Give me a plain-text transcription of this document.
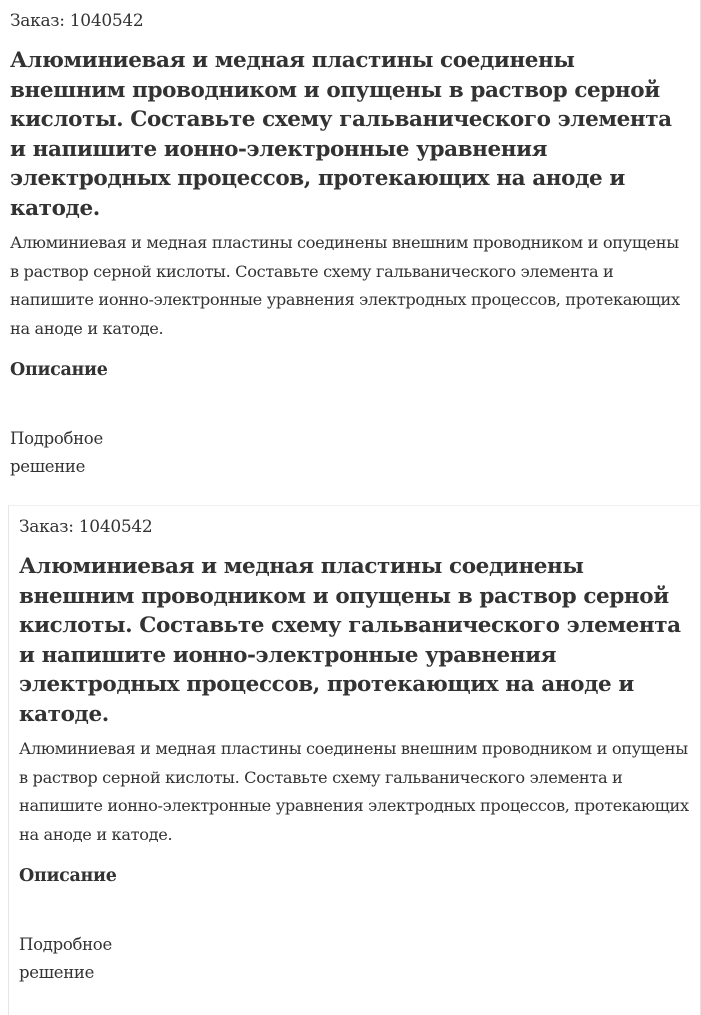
Заказ: 1040542
Алюминиевая и медная пластины соединены внешним проводником и опущены в раствор серной кислоты. Составьте схему гальванического элемента и напишите ионно-электронные уравнения электродных процессов, протекающих на аноде и катоде.
Алюминиевая и медная пластины соединены внешним проводником и опущены в раствор серной кислоты. Составьте схему гальванического элемента и напишите ионно-электронные уравнения электродных процессов, протекающих на аноде и катоде.
Описание
Подробное решение
Заказ: 1040542
Алюминиевая и медная пластины соединены внешним проводником и опущены в раствор серной кислоты. Составьте схему гальванического элемента и напишите ионно-электронные уравнения электродных процессов, протекающих на аноде и катоде.
Алюминиевая и медная пластины соединены внешним проводником и опущены в раствор серной кислоты. Составьте схему гальванического элемента и напишите ионно-электронные уравнения электродных процессов, протекающих на аноде и катоде.
Описание
Подробное решение
